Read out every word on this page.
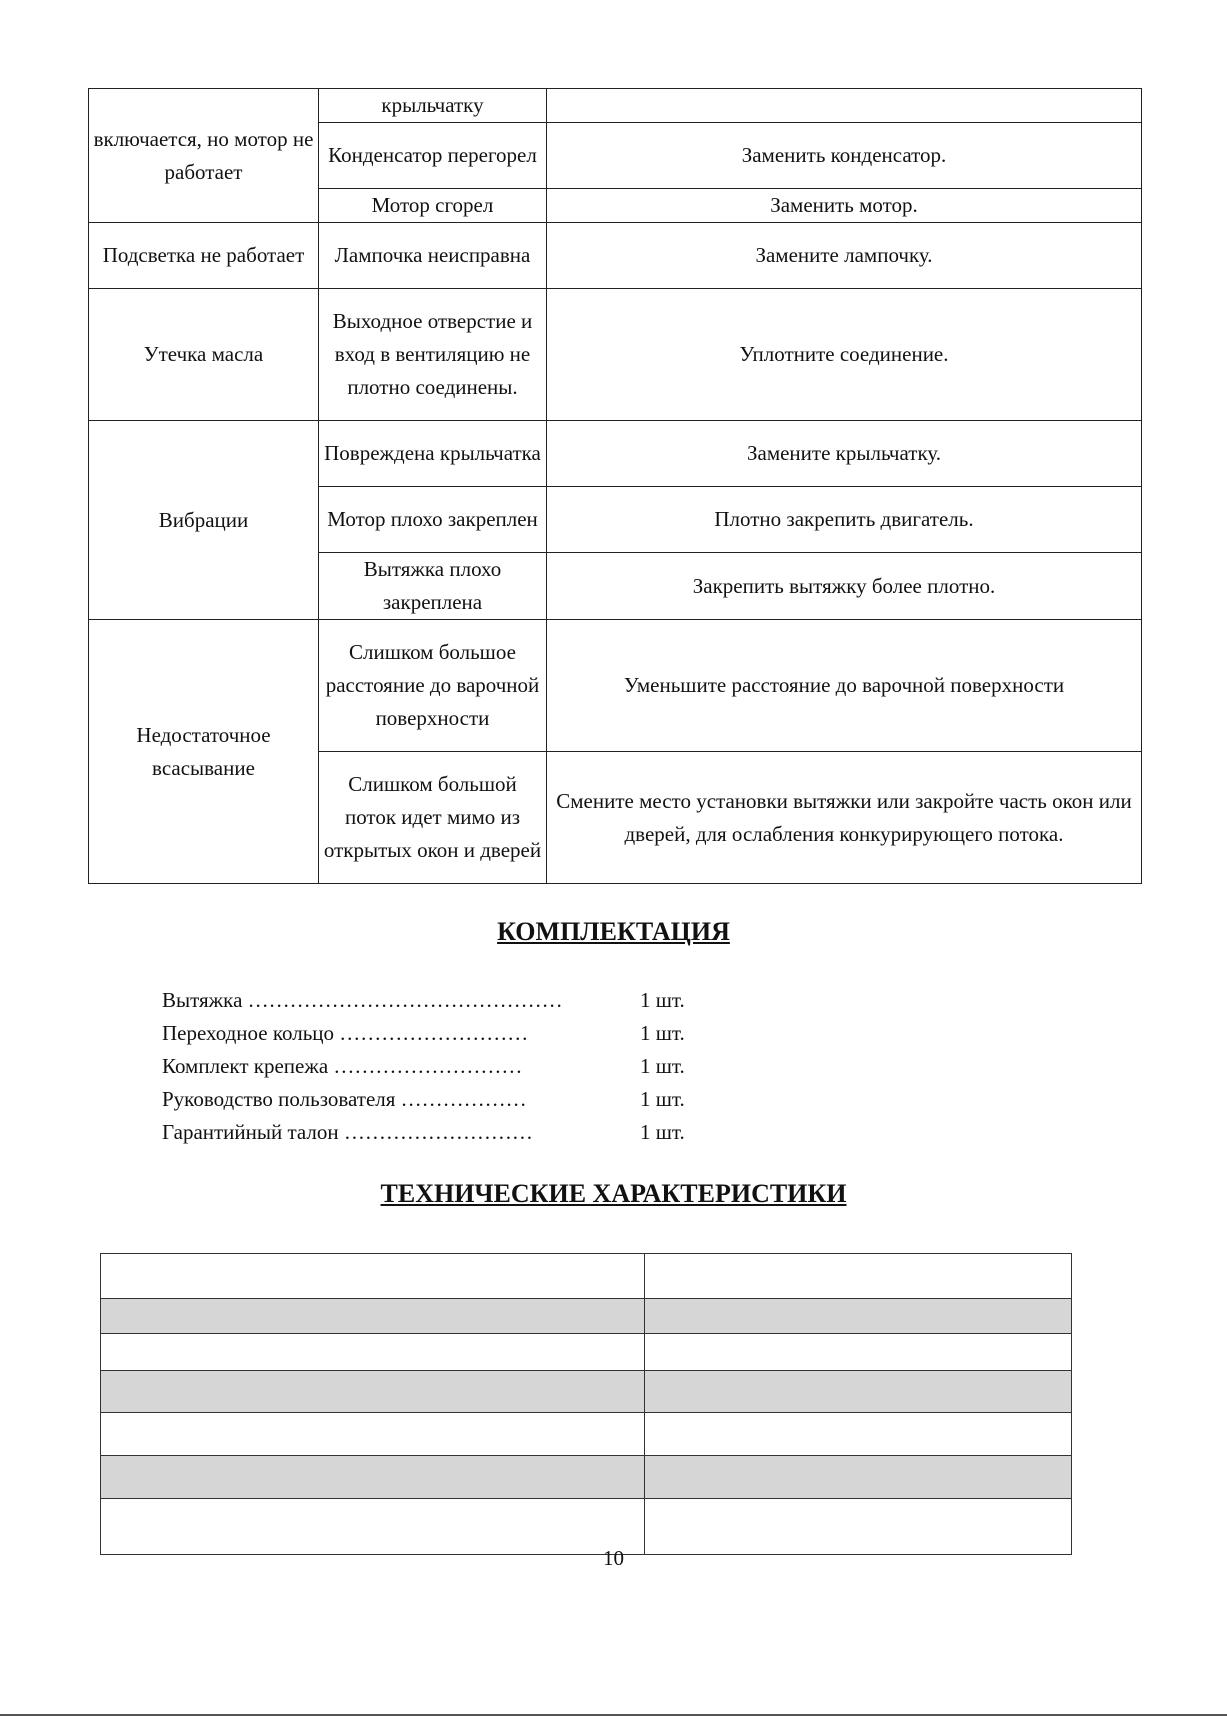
включается, но мотор не работает	крыльчатку	
	Конденсатор перегорел	Заменить конденсатор.
	Мотор сгорел	Заменить мотор.
Подсветка не работает	Лампочка неисправна	Замените лампочку.
Утечка масла	Выходное отверстие и вход в вентиляцию не плотно соединены.	Уплотните соединение.
Вибрации	Повреждена крыльчатка	Замените крыльчатку.
	Мотор плохо закреплен	Плотно закрепить двигатель.
	Вытяжка плохо закреплена	Закрепить вытяжку более плотно.
Недостаточное всасывание	Слишком большое расстояние до варочной поверхности	Уменьшите расстояние до варочной поверхности
	Слишком большой поток идет мимо из открытых окон и дверей	Смените место установки вытяжки или закройте часть окон или дверей, для ослабления конкурирующего потока.
КОМПЛЕКТАЦИЯ
Вытяжка ………………………………………	1 шт.
Переходное кольцо ………………………	1 шт.
Комплект крепежа ………………………	1 шт.
Руководство пользователя ………………	1 шт.
Гарантийный талон ………………………	1 шт.
ТЕХНИЧЕСКИЕ ХАРАКТЕРИСТИКИ

10
